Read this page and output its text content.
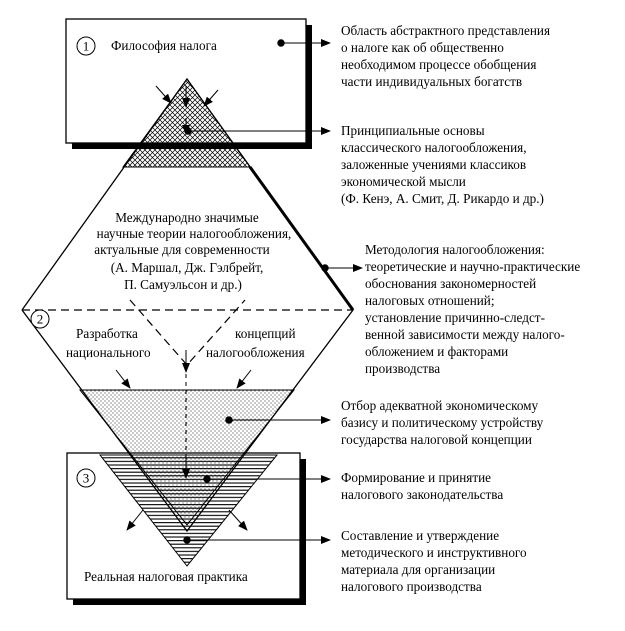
1
2
3
Философия налога
Реальная налоговая практика
Международно значимые
научные теории налогообложения,
актуальные для современности
(А. Маршал, Дж. Гэлбрейт,
П. Самуэльсон и др.)
Разработка
национального
концепций
налогообложения
Область абстрактного представления
о налоге как об общественно
необходимом процессе обобщения
части индивидуальных богатств
Принципиальные основы
классического налогообложения,
заложенные учениями классиков
экономической мысли
(Ф. Кенэ, А. Смит, Д. Рикардо и др.)
Методология налогообложения:
теоретические и научно-практические
обоснования закономерностей
налоговых отношений;
установление причинно-следст-
венной зависимости между налого-
обложением и факторами
производства
Отбор адекватной экономическому
базису и политическому устройству
государства налоговой концепции
Формирование и принятие
налогового законодательства
Составление и утверждение
методического и инструктивного
материала для организации
налогового производства
